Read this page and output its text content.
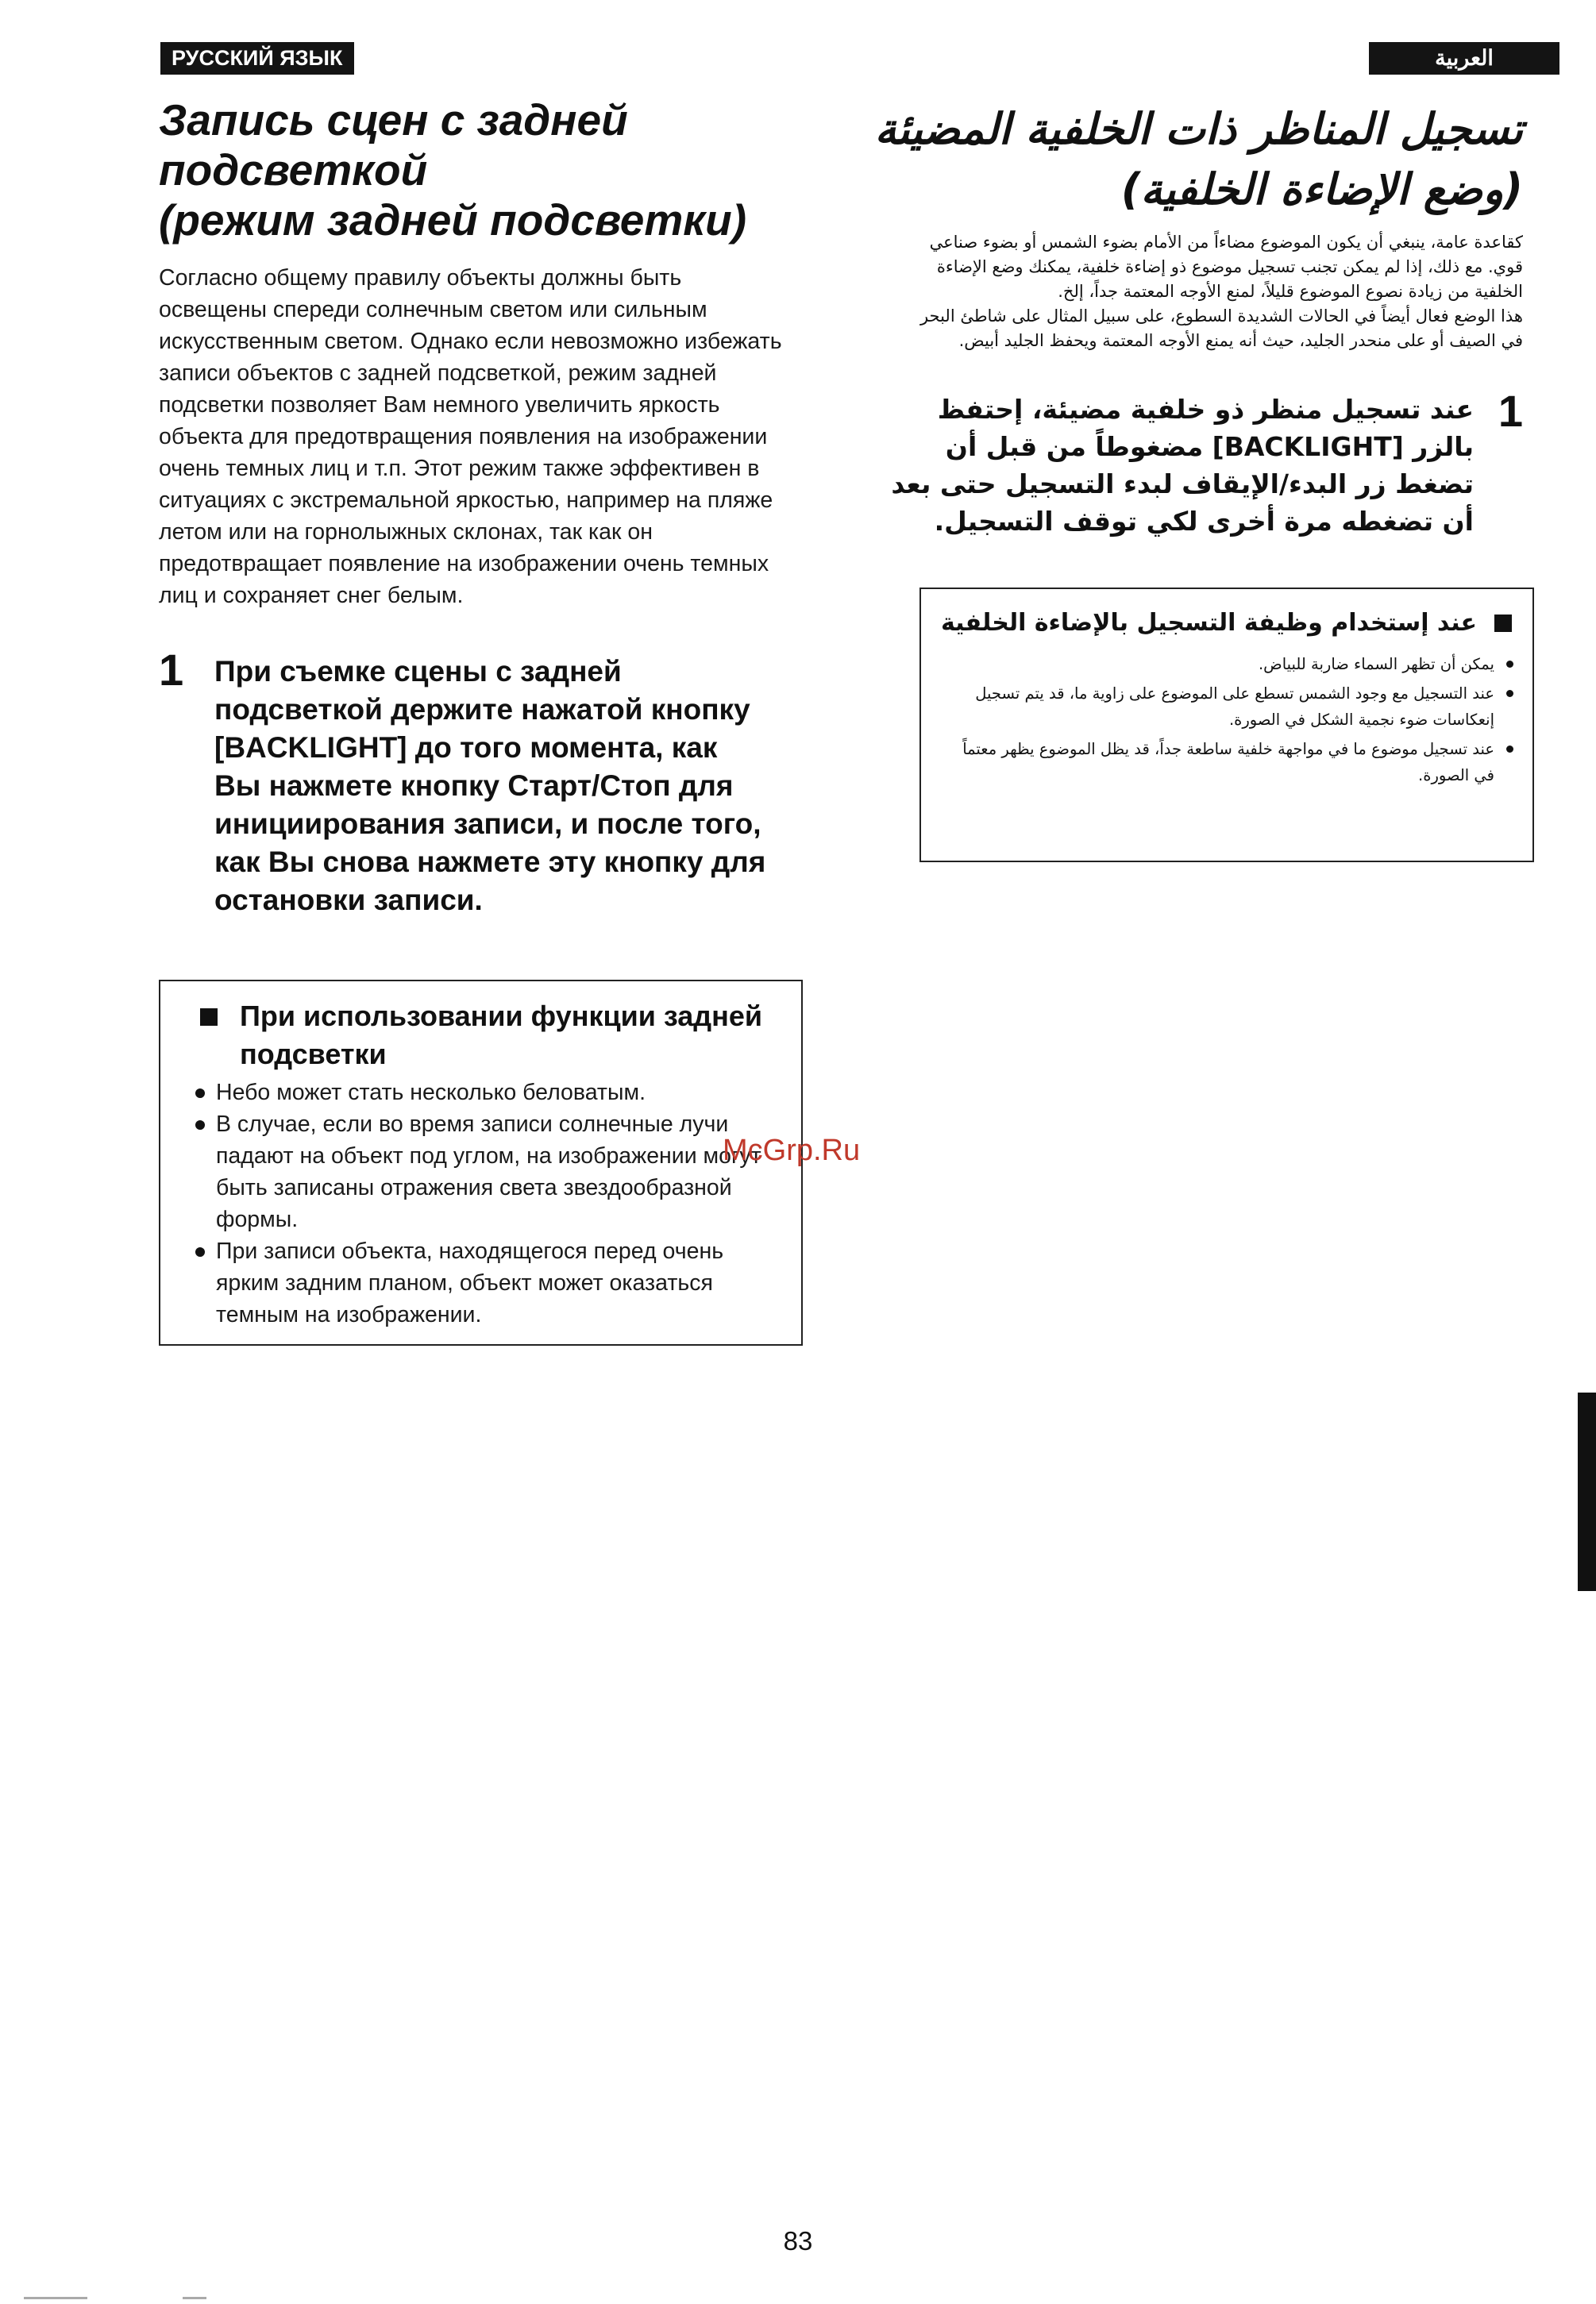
РУССКИЙ ЯЗЫК	العربية
Запись сцен с задней
подсветкой
(режим задней подсветки)

Согласно общему правилу объекты должны быть освещены спереди солнечным светом или сильным искусственным светом. Однако если невозможно избежать записи объектов с задней подсветкой, режим задней подсветки позволяет Вам немного увеличить яркость объекта для предотвращения появления на изображении очень темных лиц и т.п. Этот режим также эффективен в ситуациях с экстремальной яркостью, например на пляже летом или на горнолыжных склонах, так как он предотвращает появление на изображении очень темных лиц и сохраняет снег белым.

1 При съемке сцены с задней подсветкой держите нажатой кнопку [BACKLIGHT] до того момента, как Вы нажмете кнопку Старт/Стоп для инициирования записи, и после того, как Вы снова нажмете эту кнопку для остановки записи.

При использовании функции задней подсветки
Небо может стать несколько беловатым.
В случае, если во время записи солнечные лучи падают на объект под углом, на изображении могут быть записаны отражения света звездообразной формы.
При записи объекта, находящегося перед очень ярким задним планом, объект может оказаться темным на изображении.
McGrp.Ru
تسجيل المناظر ذات الخلفية المضيئة
(وضع الإضاءة الخلفية)

كقاعدة عامة، ينبغي أن يكون الموضوع مضاءاً من الأمام بضوء الشمس أو بضوء صناعي قوي. مع ذلك، إذا لم يمكن تجنب تسجيل موضوع ذو إضاءة خلفية، يمكنك وضع الإضاءة الخلفية من زيادة نصوع الموضوع قليلاً، لمنع الأوجه المعتمة جداً، إلخ.

هذا الوضع فعال أيضاً في الحالات الشديدة السطوع، على سبيل المثال على شاطئ البحر في الصيف أو على منحدر الجليد، حيث أنه يمنع الأوجه المعتمة ويحفظ الجليد أبيض.

1

عند تسجيل منظر ذو خلفية مضيئة، إحتفظ بالزر [BACKLIGHT] مضغوطاً من قبل أن تضغط زر البدء/الإيقاف لبدء التسجيل حتى بعد أن تضغطه مرة أخرى لكي توقف التسجيل.

عند إستخدام وظيفة التسجيل بالإضاءة الخلفية
يمكن أن تظهر السماء ضاربة للبياض.
عند التسجيل مع وجود الشمس تسطع على الموضوع على زاوية ما، قد يتم تسجيل إنعكاسات ضوء نجمية الشكل في الصورة.
عند تسجيل موضوع ما في مواجهة خلفية ساطعة جداً، قد يظل الموضوع يظهر معتماً في الصورة.
83
